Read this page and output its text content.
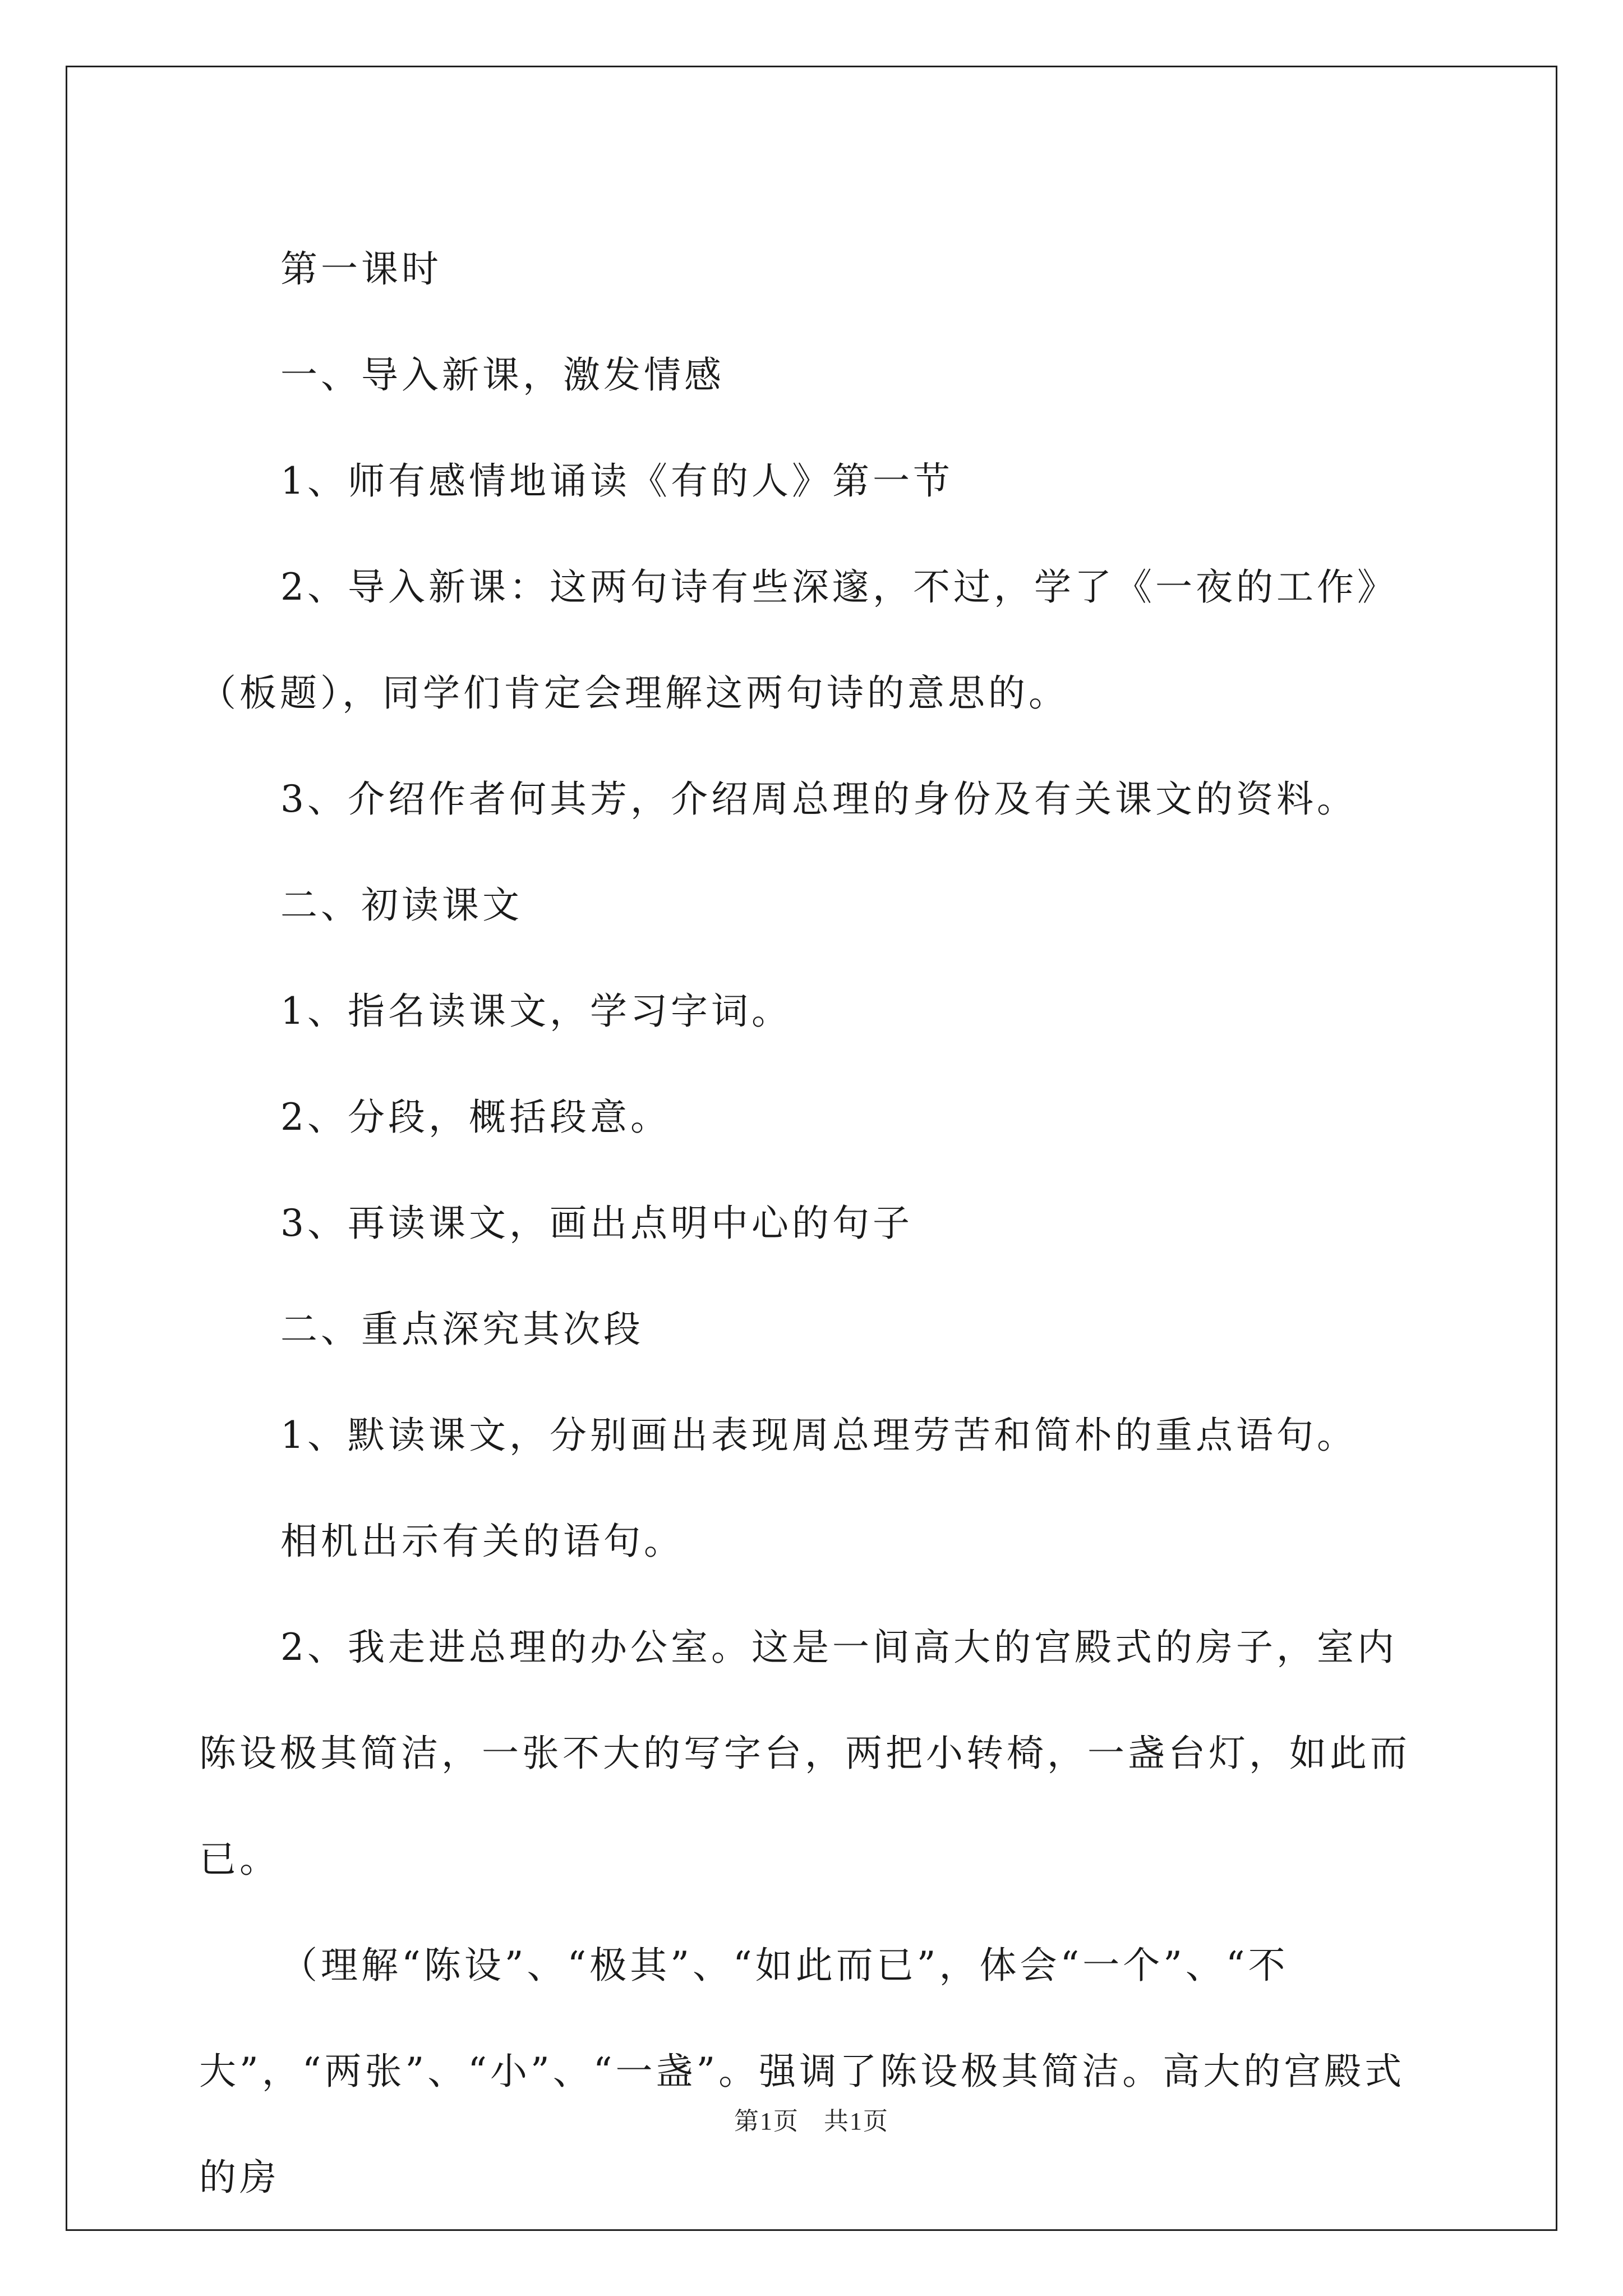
第一课时

一、导入新课，激发情感

1、师有感情地诵读《有的人》第一节

2、导入新课：这两句诗有些深邃，不过，学了《一夜的工作》（板题），同学们肯定会理解这两句诗的意思的。

3、介绍作者何其芳，介绍周总理的身份及有关课文的资料。

二、初读课文

1、指名读课文，学习字词。

2、分段，概括段意。

3、再读课文，画出点明中心的句子

二、重点深究其次段

1、默读课文，分别画出表现周总理劳苦和简朴的重点语句。

相机出示有关的语句。

2、我走进总理的办公室。这是一间高大的宫殿式的房子，室内陈设极其简洁，一张不大的写字台，两把小转椅，一盏台灯，如此而已。

（理解“陈设”、“极其”、“如此而已”，体会“一个”、“不大”，“两张”、“小”、“一盏”。强调了陈设极其简洁。高大的宫殿式的房

第1页 共1页
